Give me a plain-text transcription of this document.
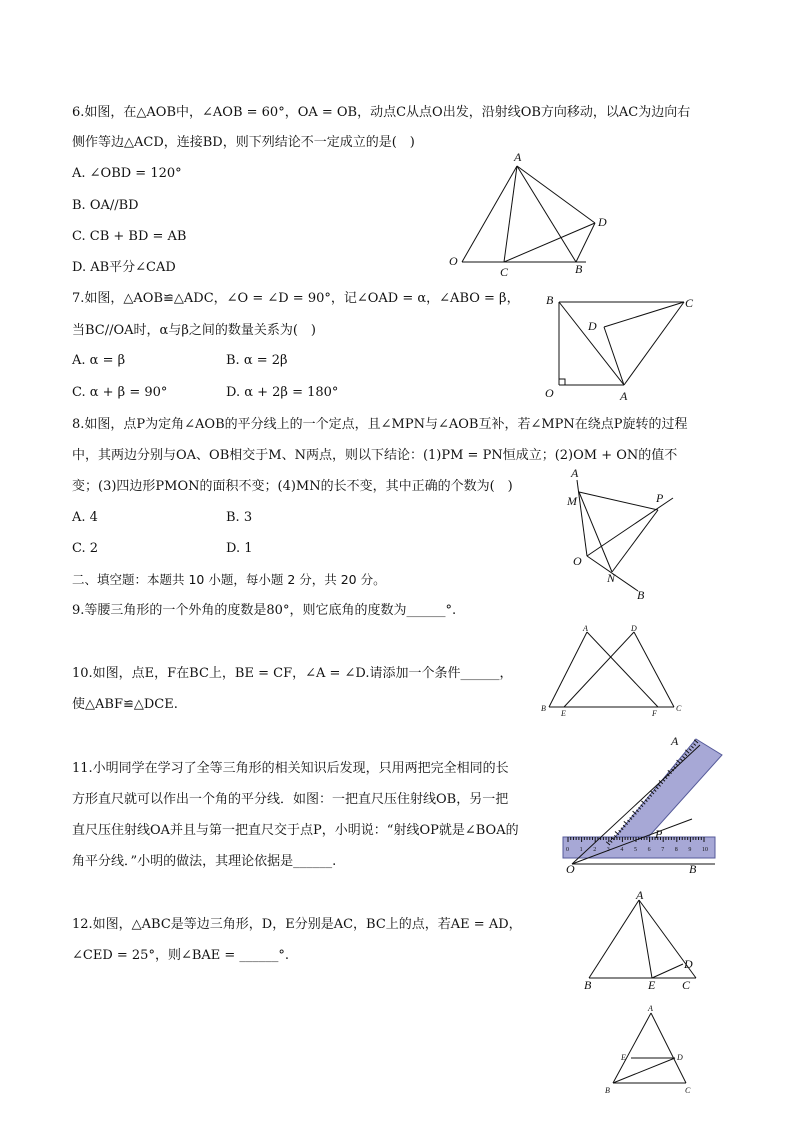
6.如图，在△AOB中，∠AOB = 60°，OA = OB，动点C从点O出发，沿射线OB方向移动，以AC为边向右
侧作等边△ACD，连接BD，则下列结论不一定成立的是(　)
A. ∠OBD = 120°
B. OA//BD
C. CB + BD = AB
D. AB平分∠CAD
A
D
O
C	B
7.如图，△AOB≌△ADC，∠O = ∠D = 90°，记∠OAD = α，∠ABO = β，
当BC//OA时，α与β之间的数量关系为(　)
A. α = β	B. α = 2β
C. α + β = 90°	D. α + 2β = 180°
B	C
D
O	A
8.如图，点P为定角∠AOB的平分线上的一个定点，且∠MPN与∠AOB互补，若∠MPN在绕点P旋转的过程
中，其两边分别与OA、OB相交于M、N两点，则以下结论：(1)PM = PN恒成立；(2)OM + ON的值不
变；(3)四边形PMON的面积不变；(4)MN的长不变，其中正确的个数为(　)
A. 4	B. 3
C. 2	D. 1
A
M	P
O
N
B
二、填空题：本题共 10 小题，每小题 2 分，共 20 分。
9.等腰三角形的一个外角的度数是80°，则它底角的度数为______°.
10.如图，点E，F在BC上，BE = CF，∠A = ∠D.请添加一个条件______，
使△ABF≌△DCE.
A	D
B
E	F
C
11.小明同学在学习了全等三角形的相关知识后发现，只用两把完全相同的长
方形直尺就可以作出一个角的平分线．如图：一把直尺压住射线OB，另一把
直尺压住射线OA并且与第一把直尺交于点P，小明说：“射线OP就是∠BOA的
角平分线．”小明的做法，其理论依据是______.
0 1 2 3 4 5 6 7 8 9 10
A
P
O	B
12.如图，△ABC是等边三角形，D，E分别是AC，BC上的点，若AE = AD，
∠CED = 25°，则∠BAE = ______°.
A
D
B	E C
A
E	D
B	C
